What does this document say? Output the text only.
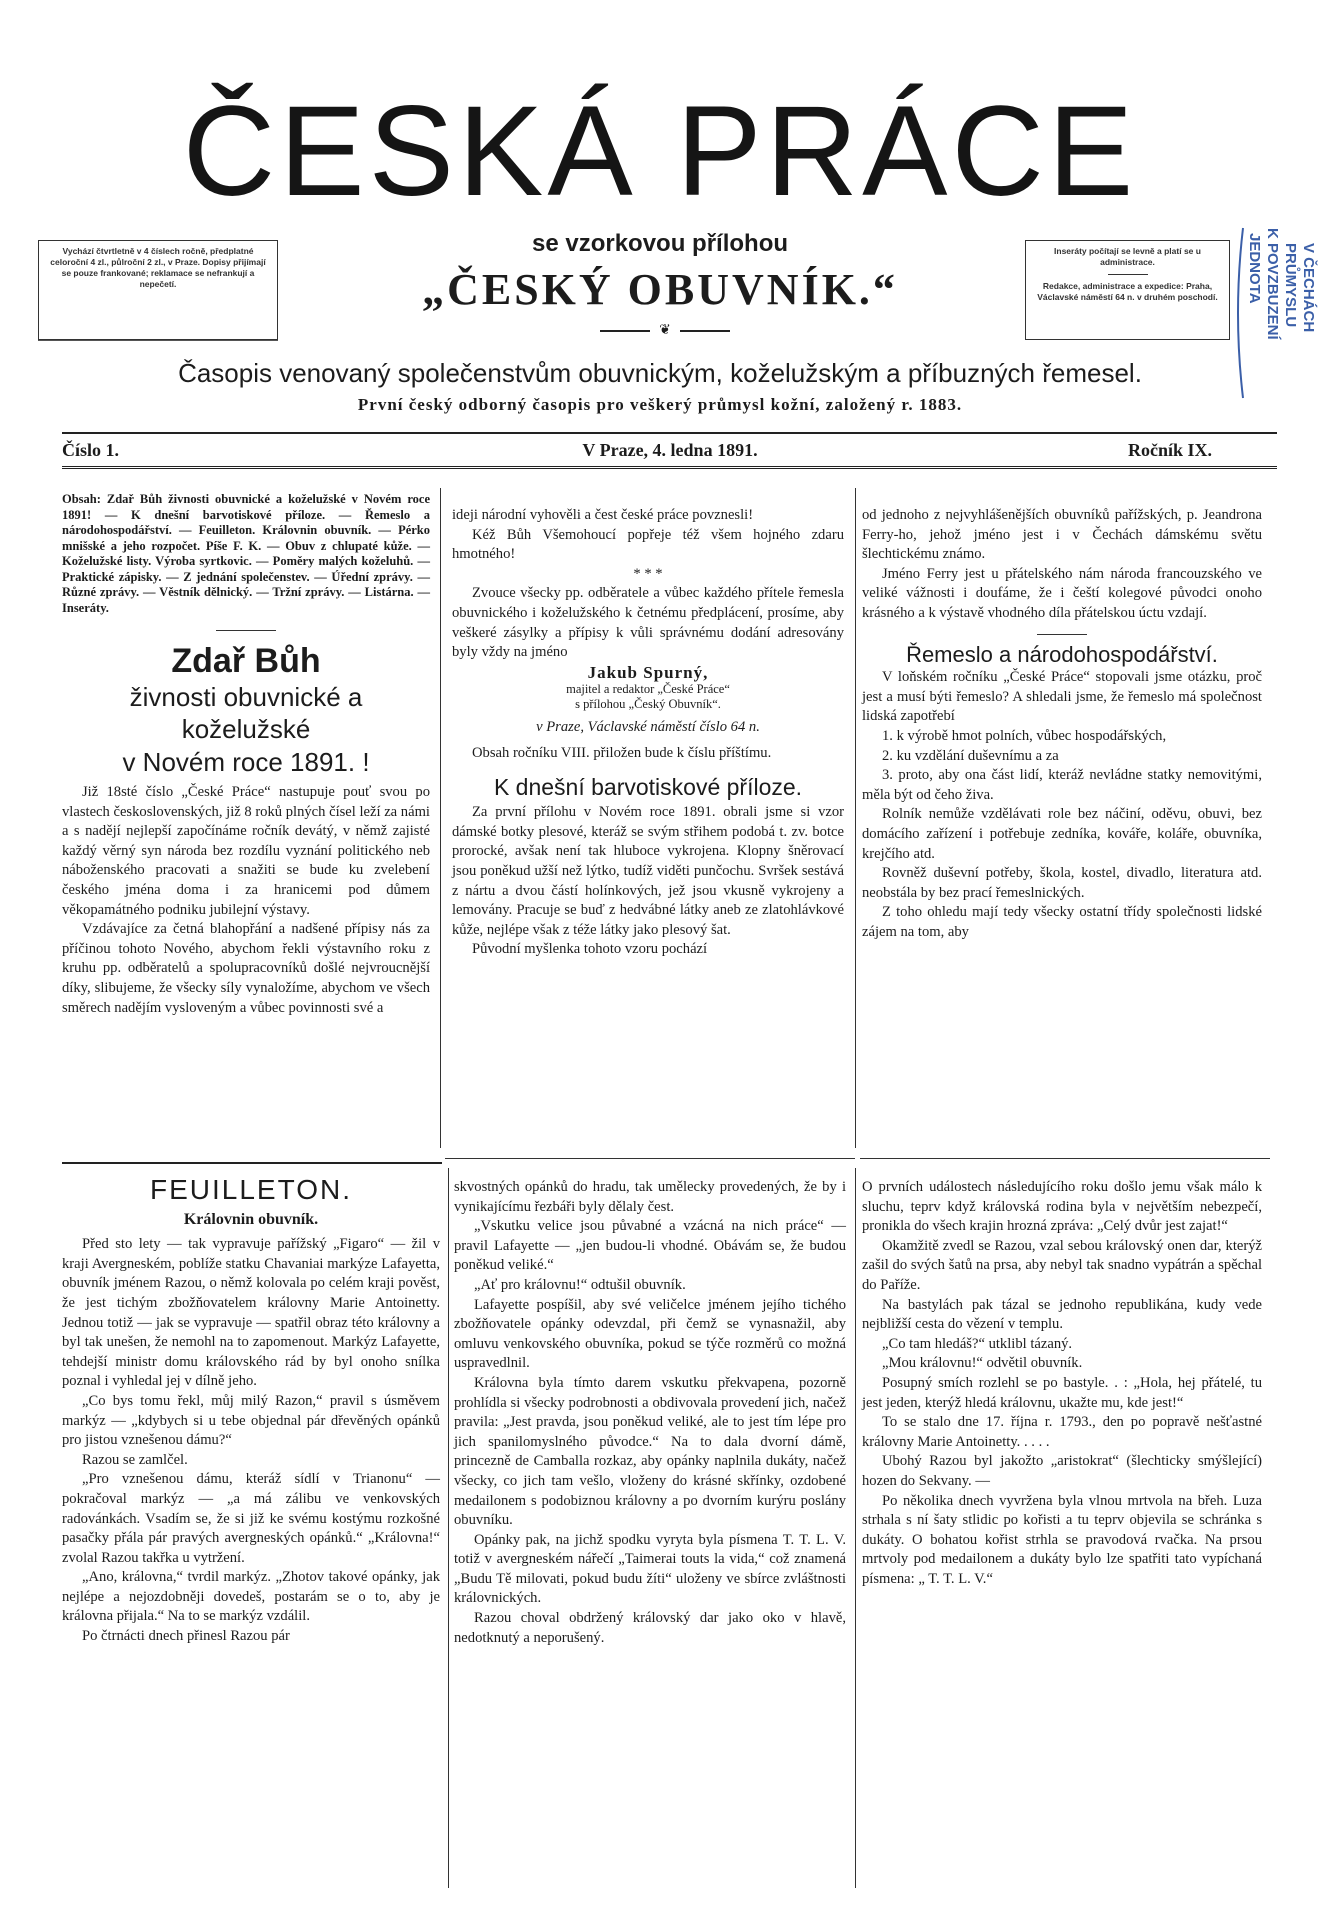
ČESKÁ PRÁCE
Vychází čtvrtletně v 4 číslech ročně, předplatné celoroční 4 zl., půlroční 2 zl., v Praze. Dopisy přijímají se pouze frankované; reklamace se nefrankují a nepečetí.
Inseráty počítají se levně a platí se u administrace.
Redakce, administrace a expedice: Praha, Václavské náměstí 64 n. v druhém poschodí.
se vzorkovou přílohou
„ČESKÝ OBUVNÍK.“
❦
Časopis venovaný společenstvům obuvnickým, koželužským a příbuzných řemesel.
První český odborný časopis pro veškerý průmysl kožní, založený r. 1883.
JEDNOTA K POVZBUZENÍ PRŮMYSLU V ČECHÁCH
Číslo 1.	V Praze, 4. ledna 1891.	Ročník IX.
Obsah: Zdař Bůh živnosti obuvnické a koželužské v Novém roce 1891! — K dnešní barvotiskové příloze. — Řemeslo a národohospodářství. — Feuilleton. Královnin obuvník. — Pérko mnišské a jeho rozpočet. Píše F. K. — Obuv z chlupaté kůže. — Koželužské listy. Výroba syrtkovic. — Poměry malých koželuhů. — Praktické zápisky. — Z jednání společenstev. — Úřední zprávy. — Různé zprávy. — Věstník dělnický. — Tržní zprávy. — Listárna. — Inseráty.
Zdař Bůh
živnosti obuvnické a koželužské
v Novém roce 1891. !

Již 18sté číslo „České Práce“ nastupuje pouť svou po vlastech československých, již 8 roků plných čísel leží za námi a s nadějí nejlepší započínáme ročník devátý, v němž zajisté každý věrný syn národa bez rozdílu vyznání politického neb náboženského pracovati a snažiti se bude ku zvelebení českého jména doma i za hranicemi pod důmem věkopamátného podniku jubilejní výstavy.

Vzdávajíce za četná blahopřání a nadšené přípisy nás za příčinou tohoto Nového, abychom řekli výstavního roku z kruhu pp. odběratelů a spolupracovníků došlé nejvroucnější díky, slibujeme, že všecky síly vynaložíme, abychom ve všech směrech nadějím vysloveným a vůbec povinnosti své a

ideji národní vyhověli a čest české práce povznesli!

Kéž Bůh Všemohoucí popřeje též všem hojného zdaru hmotného!

* * *

Zvouce všecky pp. odběratele a vůbec každého přítele řemesla obuvnického i koželužského k četnému předplácení, prosíme, aby veškeré zásylky a přípisy k vůli správnému dodání adresovány byly vždy na jméno

Jakub Spurný,
majitel a redaktor „České Práce“
s přílohou „Český Obuvník“.
v Praze, Václavské náměstí číslo 64 n.

Obsah ročníku VIII. přiložen bude k číslu příštímu.

K dnešní barvotiskové příloze.

Za první přílohu v Novém roce 1891. obrali jsme si vzor dámské botky plesové, kteráž se svým střihem podobá t. zv. botce prorocké, avšak není tak hluboce vykrojena. Klopny šněrovací jsou poněkud užší než lýtko, tudíž viděti punčochu. Svršek sestává z nártu a dvou částí holínkových, jež jsou vkusně vykrojeny a lemovány. Pracuje se buď z hedvábné látky aneb ze zlatohlávkové kůže, nejlépe však z téže látky jako plesový šat.

Původní myšlenka tohoto vzoru pochází

od jednoho z nejvyhlášenějších obuvníků pařížských, p. Jeandrona Ferry-ho, jehož jméno jest i v Čechách dámskému světu šlechtickému známo.

Jméno Ferry jest u přátelského nám národa francouzského ve veliké vážnosti i doufáme, že i čeští kolegové původci onoho krásného a k výstavě vhodného díla přátelskou úctu vzdají.

Řemeslo a národohospodářství.

V loňském ročníku „České Práce“ stopovali jsme otázku, proč jest a musí býti řemeslo? A shledali jsme, že řemeslo má společnost lidská zapotřebí

1. k výrobě hmot polních, vůbec hospodářských,

2. ku vzdělání duševnímu a za

3. proto, aby ona část lidí, kteráž nevládne statky nemovitými, měla být od čeho živa.

Rolník nemůže vzdělávati role bez náčiní, oděvu, obuvi, bez domácího zařízení i potřebuje zedníka, kováře, koláře, obuvníka, krejčího atd.

Rovněž duševní potřeby, škola, kostel, divadlo, literatura atd. neobstála by bez prací řemeslnických.

Z toho ohledu mají tedy všecky ostatní třídy společnosti lidské zájem na tom, aby

FEUILLETON.
Královnin obuvník.

Před sto lety — tak vypravuje pařížský „Figaro“ — žil v kraji Avergneském, poblíže statku Chavaniai markýze Lafayetta, obuvník jménem Razou, o němž kolovala po celém kraji pověst, že jest tichým zbožňovatelem královny Marie Antoinetty. Jednou totiž — jak se vypravuje — spatřil obraz této královny a byl tak unešen, že nemohl na to zapomenout. Markýz Lafayette, tehdejší ministr domu královského rád by byl onoho snílka poznal i vyhledal jej v dílně jeho.

„Co bys tomu řekl, můj milý Razon,“ pravil s úsměvem markýz — „kdybych si u tebe objednal pár dřevěných opánků pro jistou vznešenou dámu?“

Razou se zamlčel.

„Pro vznešenou dámu, kteráž sídlí v Trianonu“ — pokračoval markýz — „a má zálibu ve venkovských radovánkách. Vsadím se, že si již ke svému kostýmu rozkošné pasačky přála pár pravých avergneských opánků.“ „Královna!“ zvolal Razou takřka u vytržení.

„Ano, královna,“ tvrdil markýz. „Zhotov takové opánky, jak nejlépe a nejozdobněji dovedeš, postarám se o to, aby je královna přijala.“ Na to se markýz vzdálil.

Po čtrnácti dnech přinesl Razou pár

skvostných opánků do hradu, tak umělecky provedených, že by i vynikajícímu řezbáři byly dělaly čest.

„Vskutku velice jsou půvabné a vzácná na nich práce“ — pravil Lafayette — „jen budou-li vhodné. Obávám se, že budou poněkud veliké.“

„Ať pro královnu!“ odtušil obuvník.

Lafayette pospíšil, aby své veličelce jménem jejího tichého zbožňovatele opánky odevzdal, při čemž se vynasnažil, aby omluvu venkovského obuvníka, pokud se týče rozměrů co možná uspravedlnil.

Královna byla tímto darem vskutku překvapena, pozorně prohlídla si všecky podrobnosti a obdivovala provedení jich, načež pravila: „Jest pravda, jsou poněkud veliké, ale to jest tím lépe pro jich spanilomyslného původce.“ Na to dala dvorní dámě, princezně de Camballa rozkaz, aby opánky naplnila dukáty, načež všecky, co jich tam vešlo, vloženy do krásné skřínky, ozdobené medailonem s podobiznou královny a po dvorním kurýru poslány obuvníku.

Opánky pak, na jichž spodku vyryta byla písmena T. T. L. V. totiž v avergneském nářečí „Taimerai touts la vida,“ což znamená „Budu Tě milovati, pokud budu žíti“ uloženy ve sbírce zvláštnosti královnických.

Razou choval obdržený královský dar jako oko v hlavě, nedotknutý a neporušený.

O prvních událostech následujícího roku došlo jemu však málo k sluchu, teprv když královská rodina byla v největším nebezpečí, pronikla do všech krajin hrozná zpráva: „Celý dvůr jest zajat!“

Okamžitě zvedl se Razou, vzal sebou královský onen dar, kterýž zašil do svých šatů na prsa, aby nebyl tak snadno vypátrán a spěchal do Paříže.

Na bastylách pak tázal se jednoho republikána, kudy vede nejbližší cesta do vězení v templu.

„Co tam hledáš?“ utklibl tázaný.

„Mou královnu!“ odvětil obuvník.

Posupný smích rozlehl se po bastyle. . : „Hola, hej přátelé, tu jest jeden, kterýž hledá královnu, ukažte mu, kde jest!“

To se stalo dne 17. října r. 1793., den po popravě nešťastné královny Marie Antoinetty. . . . .

Ubohý Razou byl jakožto „aristokrat“ (šlechticky smýšlející) hozen do Sekvany. —

Po několika dnech vyvržena byla vlnou mrtvola na břeh. Luza strhala s ní šaty stlidic po kořisti a tu teprv objevila se schránka s dukáty. O bohatou kořist strhla se pravodová rvačka. Na prsou mrtvoly pod medailonem a dukáty bylo lze spatřiti tato vypíchaná písmena: „ T. T. L. V.“
